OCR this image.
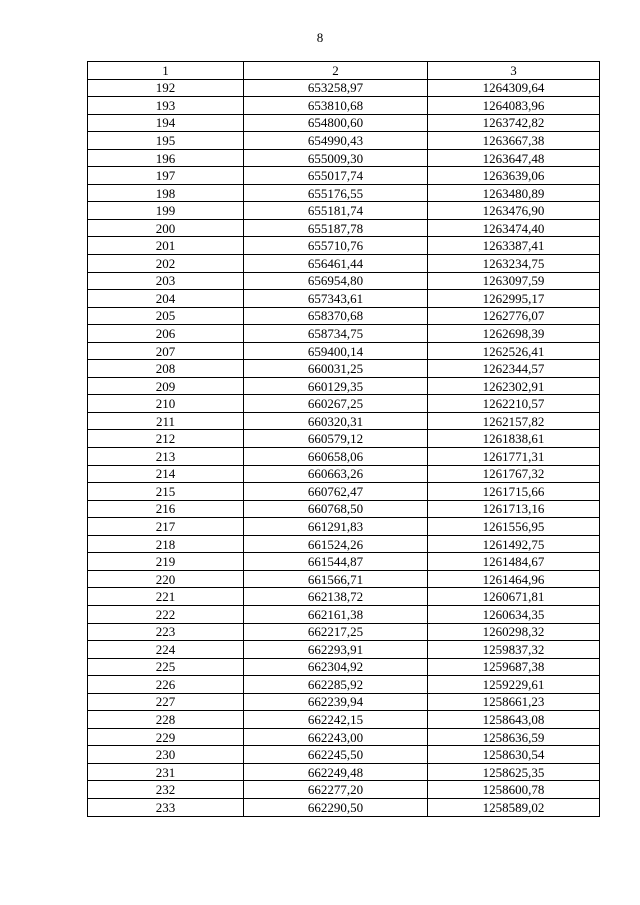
8
1	2	3
192	653258,97	1264309,64
193	653810,68	1264083,96
194	654800,60	1263742,82
195	654990,43	1263667,38
196	655009,30	1263647,48
197	655017,74	1263639,06
198	655176,55	1263480,89
199	655181,74	1263476,90
200	655187,78	1263474,40
201	655710,76	1263387,41
202	656461,44	1263234,75
203	656954,80	1263097,59
204	657343,61	1262995,17
205	658370,68	1262776,07
206	658734,75	1262698,39
207	659400,14	1262526,41
208	660031,25	1262344,57
209	660129,35	1262302,91
210	660267,25	1262210,57
211	660320,31	1262157,82
212	660579,12	1261838,61
213	660658,06	1261771,31
214	660663,26	1261767,32
215	660762,47	1261715,66
216	660768,50	1261713,16
217	661291,83	1261556,95
218	661524,26	1261492,75
219	661544,87	1261484,67
220	661566,71	1261464,96
221	662138,72	1260671,81
222	662161,38	1260634,35
223	662217,25	1260298,32
224	662293,91	1259837,32
225	662304,92	1259687,38
226	662285,92	1259229,61
227	662239,94	1258661,23
228	662242,15	1258643,08
229	662243,00	1258636,59
230	662245,50	1258630,54
231	662249,48	1258625,35
232	662277,20	1258600,78
233	662290,50	1258589,02
